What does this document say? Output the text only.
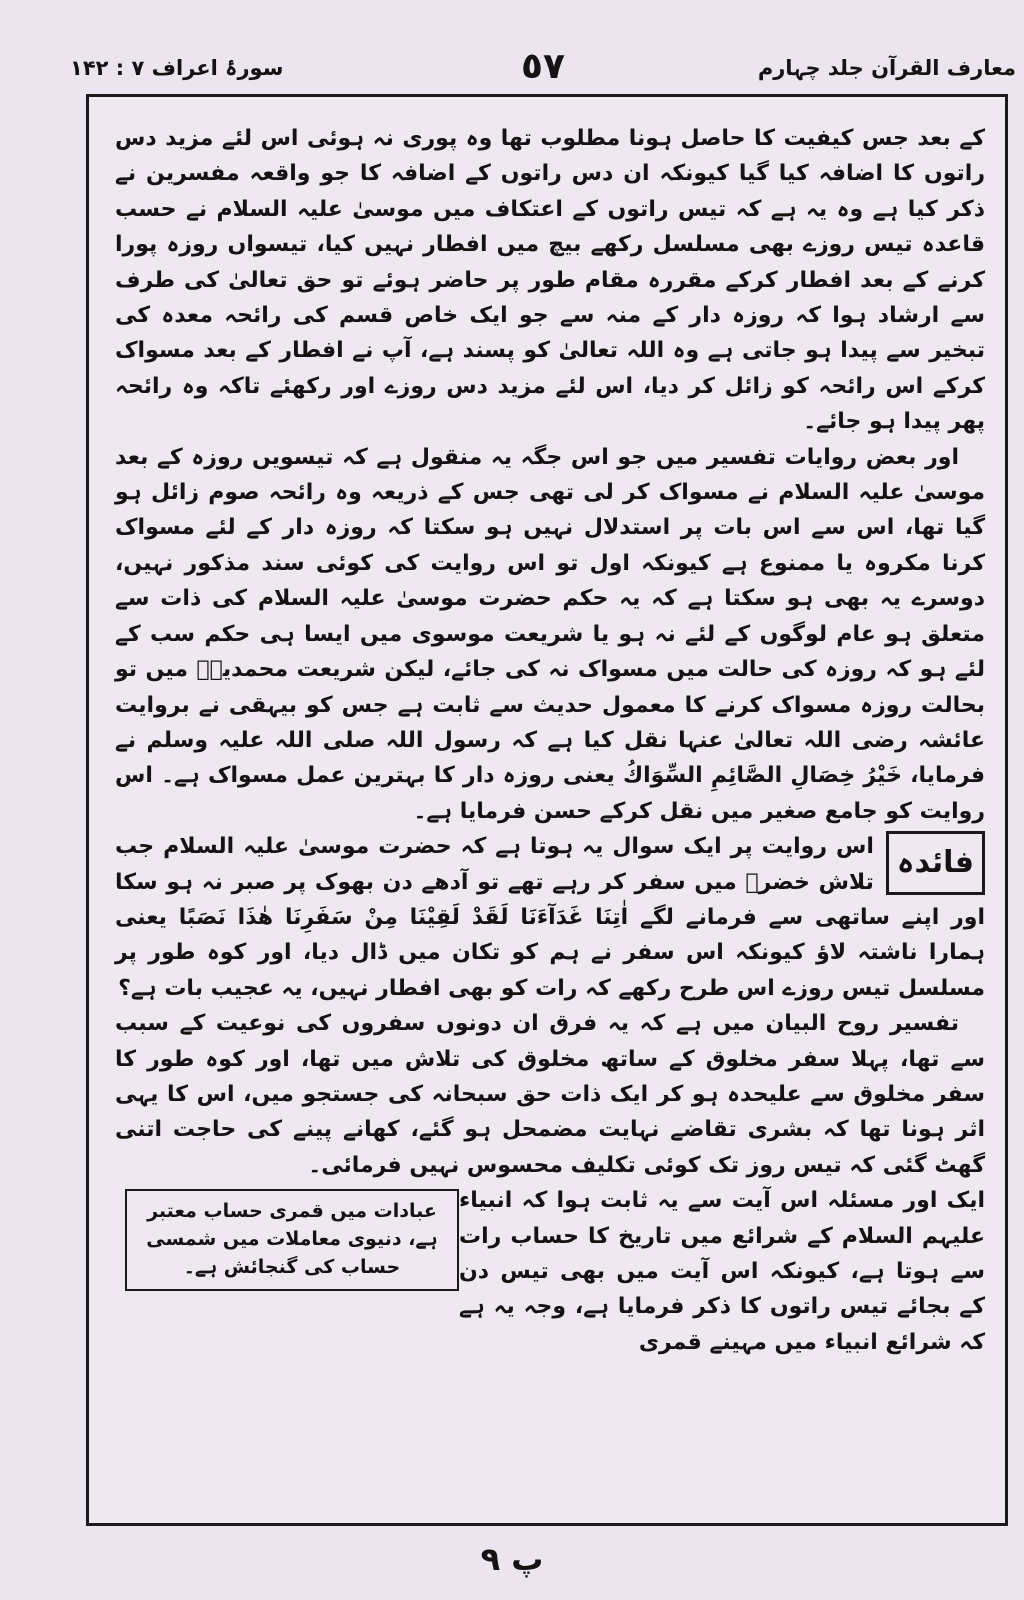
معارف القرآن جلد چہارم
٥٧
سورۂ اعراف ۷ : ۱۴۲

کے بعد جس کیفیت کا حاصل ہونا مطلوب تھا وہ پوری نہ ہوئی اس لئے مزید دس راتوں کا اضافہ کیا گیا کیونکہ ان دس راتوں کے اضافہ کا جو واقعہ مفسرین نے ذکر کیا ہے وہ یہ ہے کہ تیس راتوں کے اعتکاف میں موسیٰ علیہ السلام نے حسب قاعدہ تیس روزے بھی مسلسل رکھے بیچ میں افطار نہیں کیا، تیسواں روزہ پورا کرنے کے بعد افطار کرکے مقررہ مقام طور پر حاضر ہوئے تو حق تعالیٰ کی طرف سے ارشاد ہوا کہ روزہ دار کے منہ سے جو ایک خاص قسم کی رائحہ معدہ کی تبخیر سے پیدا ہو جاتی ہے وہ اللہ تعالیٰ کو پسند ہے، آپ نے افطار کے بعد مسواک کرکے اس رائحہ کو زائل کر دیا، اس لئے مزید دس روزے اور رکھئے تاکہ وہ رائحہ پھر پیدا ہو جائے۔

اور بعض روایات تفسیر میں جو اس جگہ یہ منقول ہے کہ تیسویں روزہ کے بعد موسیٰ علیہ السلام نے مسواک کر لی تھی جس کے ذریعہ وہ رائحہ صوم زائل ہو گیا تھا، اس سے اس بات پر استدلال نہیں ہو سکتا کہ روزہ دار کے لئے مسواک کرنا مکروہ یا ممنوع ہے کیونکہ اول تو اس روایت کی کوئی سند مذکور نہیں، دوسرے یہ بھی ہو سکتا ہے کہ یہ حکم حضرت موسیٰ علیہ السلام کی ذات سے متعلق ہو عام لوگوں کے لئے نہ ہو یا شریعت موسوی میں ایسا ہی حکم سب کے لئے ہو کہ روزہ کی حالت میں مسواک نہ کی جائے، لیکن شریعت محمدیہؐ میں تو بحالت روزہ مسواک کرنے کا معمول حدیث سے ثابت ہے جس کو بیہقی نے بروایت عائشہ رضی اللہ تعالیٰ عنہا نقل کیا ہے کہ رسول اللہ صلی اللہ علیہ وسلم نے فرمایا، خَيْرُ خِصَالِ الصَّائِمِ السِّوَاكُ یعنی روزہ دار کا بہترین عمل مسواک ہے۔ اس روایت کو جامع صغیر میں نقل کرکے حسن فرمایا ہے۔

فائدہ
اس روایت پر ایک سوال یہ ہوتا ہے کہ حضرت موسیٰ علیہ السلام جب تلاش خضرؑ میں سفر کر رہے تھے تو آدھے دن بھوک پر صبر نہ ہو سکا اور اپنے ساتھی سے فرمانے لگے اٰتِنَا غَدَآءَنَا لَقَدْ لَقِيْنَا مِنْ سَفَرِنَا هٰذَا نَصَبًا یعنی ہمارا ناشتہ لاؤ کیونکہ اس سفر نے ہم کو تکان میں ڈال دیا، اور کوہ طور پر مسلسل تیس روزے اس طرح رکھے کہ رات کو بھی افطار نہیں، یہ عجیب بات ہے؟

تفسیر روح البیان میں ہے کہ یہ فرق ان دونوں سفروں کی نوعیت کے سبب سے تھا، پہلا سفر مخلوق کے ساتھ مخلوق کی تلاش میں تھا، اور کوہ طور کا سفر مخلوق سے علیحدہ ہو کر ایک ذات حق سبحانہ کی جستجو میں، اس کا یہی اثر ہونا تھا کہ بشری تقاضے نہایت مضمحل ہو گئے، کھانے پینے کی حاجت اتنی گھٹ گئی کہ تیس روز تک کوئی تکلیف محسوس نہیں فرمائی۔

عبادات میں قمری حساب معتبر ہے، دنیوی معاملات میں شمسی حساب کی گنجائش ہے۔
ایک اور مسئلہ اس آیت سے یہ ثابت ہوا کہ انبیاء علیہم السلام کے شرائع میں تاریخ کا حساب رات سے ہوتا ہے، کیونکہ اس آیت میں بھی تیس دن کے بجائے تیس راتوں کا ذکر فرمایا ہے، وجہ یہ ہے کہ شرائع انبیاء میں مہینے قمری

پ ٩
